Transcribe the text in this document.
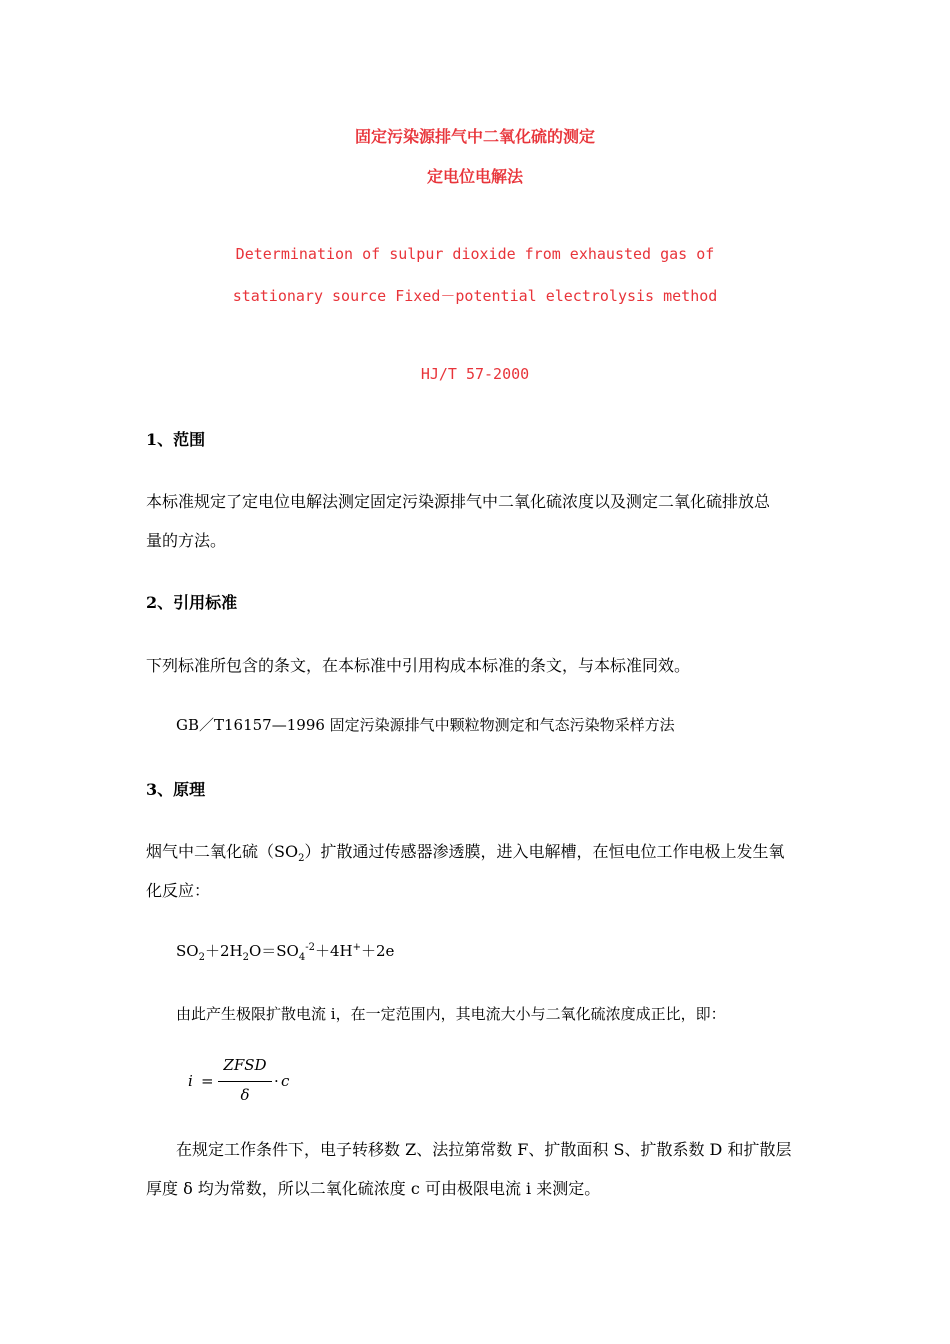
固定污染源排气中二氧化硫的测定
定电位电解法
Determination of sulpur dioxide from exhausted gas of
stationary source Fixed－potential electrolysis method
HJ/T 57-2000
1、范围
本标准规定了定电位电解法测定固定污染源排气中二氧化硫浓度以及测定二氧化硫排放总
量的方法。
2、引用标准
下列标准所包含的条文，在本标准中引用构成本标准的条文，与本标准同效。
GB／T16157—1996 固定污染源排气中颗粒物测定和气态污染物采样方法
3、原理
烟气中二氧化硫$(SO_2)$扩散通过传感器渗透膜，进入电解槽，在恒电位工作电极上发生氧
化反应：
$SO_2+2H_2O=SO_4^{-2}+4H^++2e$
由此产生极限扩散电流 i，在一定范围内，其电流大小与二氧化硫浓度成正比，即：
i =
ZFSD
δ
· c
在规定工作条件下，电子转移数 Z、法拉第常数 F、扩散面积 S、扩散系数 D 和扩散层
厚度 δ 均为常数，所以二氧化硫浓度 c 可由极限电流 i 来测定。
